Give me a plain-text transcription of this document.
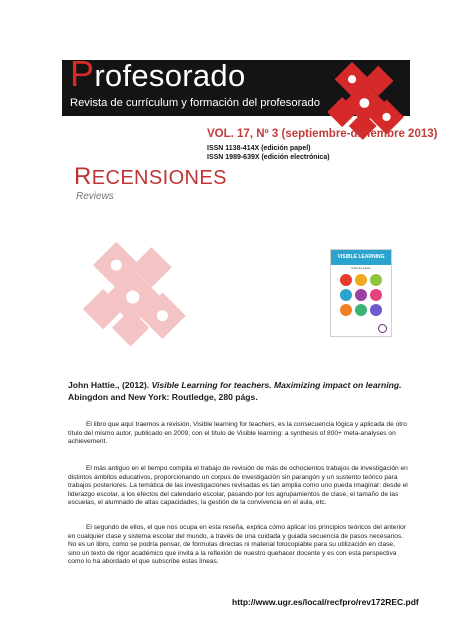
Profesorado
Revista de currículum y formación del profesorado
VOL. 17, Nº 3 (septiembre-diciembre 2013)
ISSN 1138-414X (edición papel)
ISSN 1989-639X (edición electrónica)
RECENSIONES
Reviews
VISIBLE LEARNING
Know thy impact

John Hattie., (2012). Visible Learning for teachers. Maximizing impact on learning. Abingdon and New York: Routledge, 280 págs.

El libro que aquí traemos a revisión, Visible learning for teachers, es la consecuencia lógica y aplicada de otro título del mismo autor, publicado en 2009, con el título de Visible learning: a synthesis of 800+ meta-analyses on achievement.

El más antiguo en el tiempo compila el trabajo de revisión de más de ochocientos trabajos de investigación en distintos ámbitos educativos, proporcionando un corpus de investigación sin parangón y un sustento teórico para trabajos posteriores. La temática de las investigaciones revisadas es tan amplia como uno pueda imaginar: desde el liderazgo escolar, a los efectos del calendario escolar, pasando por los agrupamientos de clase, el tamaño de las escuelas, el alumnado de altas capacidades, la gestión de la convivencia en el aula, etc.

El segundo de ellos, el que nos ocupa en esta reseña, explica cómo aplicar los principios teóricos del anterior en cualquier clase y sistema escolar del mundo, a través de una cuidada y guiada secuencia de pasos necesarios. No es un libro, como se podría pensar, de fórmulas directas ni material fotocopiable para su utilización en clase, sino un texto de rigor académico que invita a la reflexión de nuestro quehacer docente y es con esta perspectiva como lo ha abordado el que subscribe estas líneas.

http://www.ugr.es/local/recfpro/rev172REC.pdf
